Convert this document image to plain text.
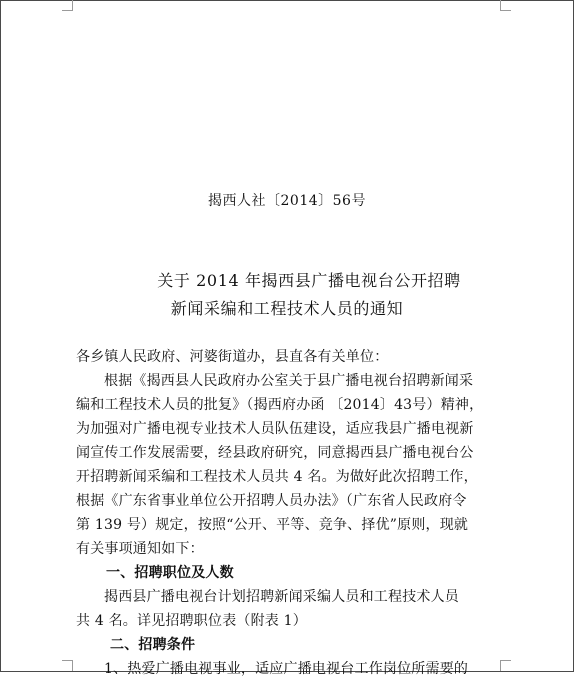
揭西人社〔2014〕56号
关于 2014 年揭西县广播电视台公开招聘
新闻采编和工程技术人员的通知
各乡镇人民政府、河婆街道办，县直各有关单位：
根据《揭西县人民政府办公室关于县广播电视台招聘新闻采
编和工程技术人员的批复》（揭西府办函 〔2014〕43号）精神，
为加强对广播电视专业技术人员队伍建设，适应我县广播电视新
闻宣传工作发展需要，经县政府研究，同意揭西县广播电视台公
开招聘新闻采编和工程技术人员共 4 名。为做好此次招聘工作，
根据《广东省事业单位公开招聘人员办法》（广东省人民政府令
第 139 号）规定，按照“公开、平等、竞争、择优”原则，现就
有关事项通知如下：
一、招聘职位及人数
揭西县广播电视台计划招聘新闻采编人员和工程技术人员
共 4 名。详见招聘职位表（附表 1）
二、招聘条件
1、热爱广播电视事业，适应广播电视台工作岗位所需要的
